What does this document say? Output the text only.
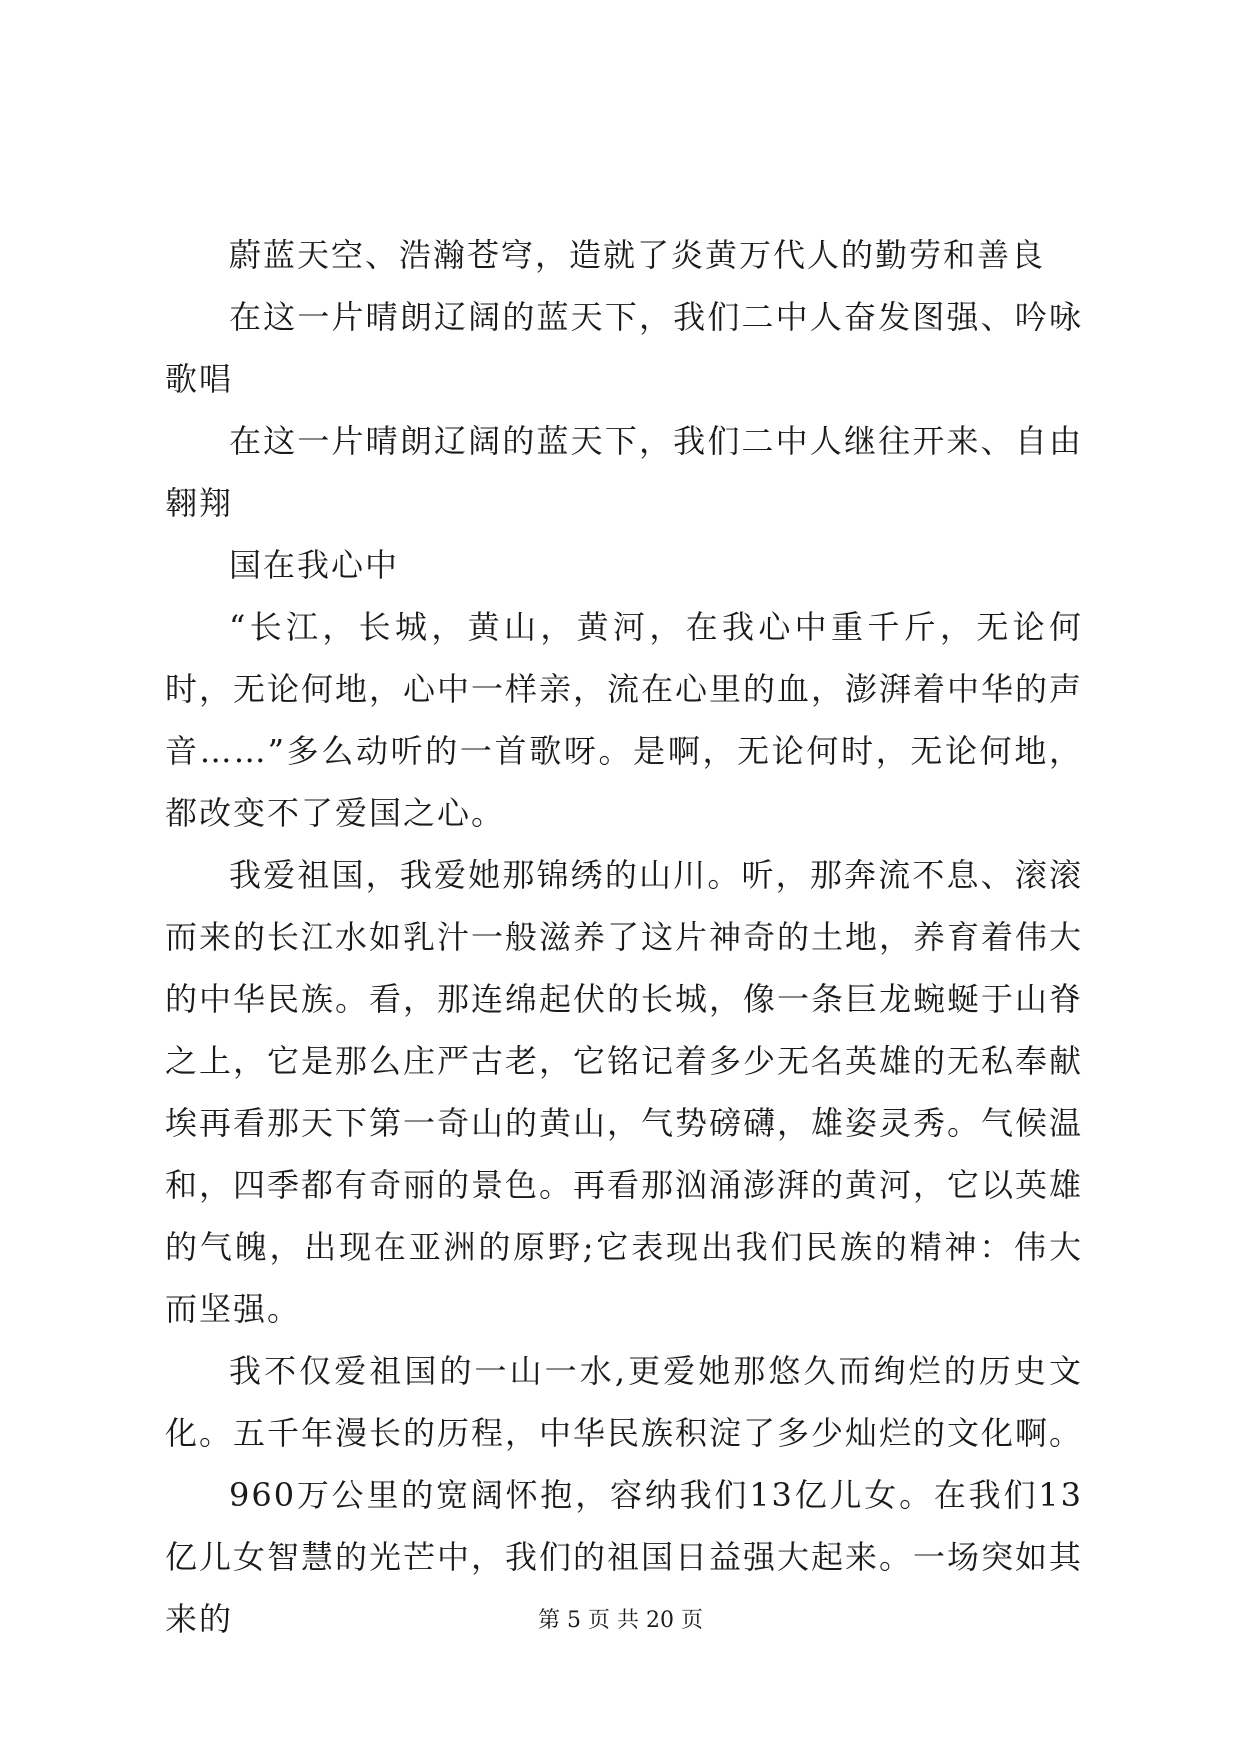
蔚蓝天空、浩瀚苍穹，造就了炎黄万代人的勤劳和善良

在这一片晴朗辽阔的蓝天下，我们二中人奋发图强、吟咏歌唱

在这一片晴朗辽阔的蓝天下，我们二中人继往开来、自由翱翔

国在我心中

“长江，长城，黄山，黄河，在我心中重千斤，无论何时，无论何地，心中一样亲，流在心里的血，澎湃着中华的声音……”多么动听的一首歌呀。是啊，无论何时，无论何地，都改变不了爱国之心。

我爱祖国，我爱她那锦绣的山川。听，那奔流不息、滚滚而来的长江水如乳汁一般滋养了这片神奇的土地，养育着伟大的中华民族。看，那连绵起伏的长城，像一条巨龙蜿蜒于山脊之上，它是那么庄严古老，它铭记着多少无名英雄的无私奉献埃再看那天下第一奇山的黄山，气势磅礴，雄姿灵秀。气候温和，四季都有奇丽的景色。再看那汹涌澎湃的黄河，它以英雄的气魄，出现在亚洲的原野;它表现出我们民族的精神：伟大而坚强。

我不仅爱祖国的一山一水,更爱她那悠久而绚烂的历史文化。五千年漫长的历程，中华民族积淀了多少灿烂的文化啊。

960万公里的宽阔怀抱，容纳我们13亿儿女。在我们13亿儿女智慧的光芒中，我们的祖国日益强大起来。一场突如其来的	第 5 页 共 20 页
